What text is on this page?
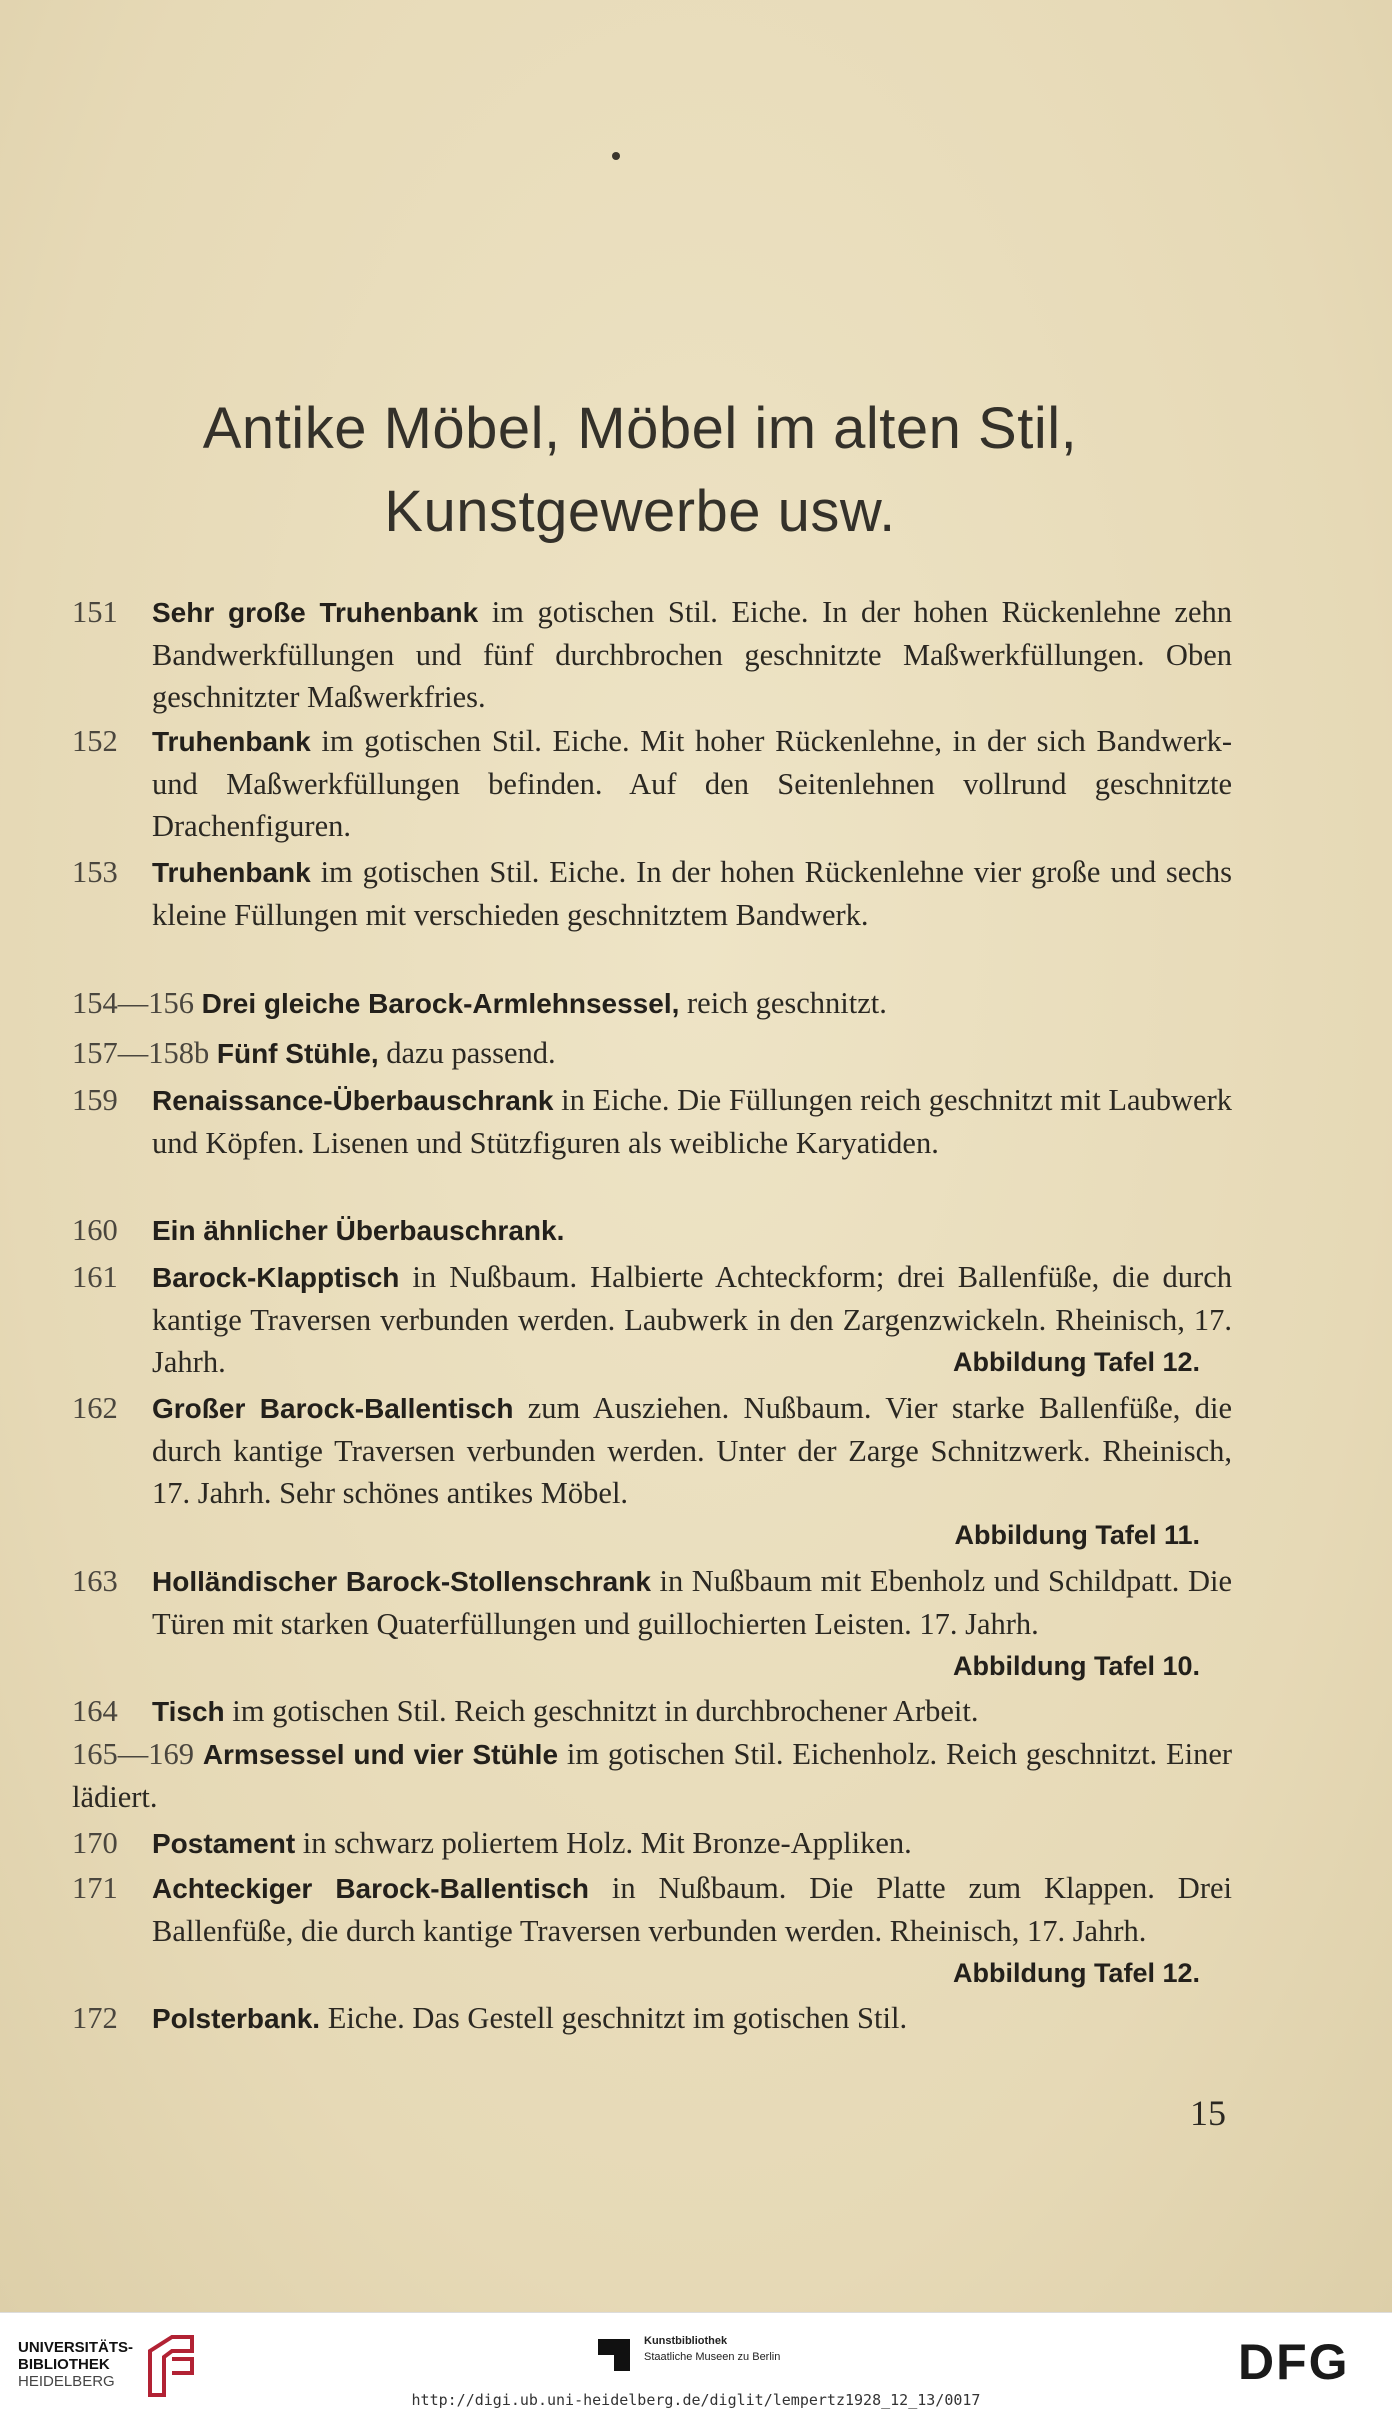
Antike Möbel, Möbel im alten Stil,
Kunstgewerbe usw.
151	Sehr große Truhenbank im gotischen Stil. Eiche. In der hohen Rückenlehne zehn Bandwerkfüllungen und fünf durchbrochen geschnitzte Maßwerkfüllungen. Oben geschnitzter Maßwerkfries.
152	Truhenbank im gotischen Stil. Eiche. Mit hoher Rückenlehne, in der sich Bandwerk- und Maßwerkfüllungen befinden. Auf den Seitenlehnen vollrund geschnitzte Drachenfiguren.
153	Truhenbank im gotischen Stil. Eiche. In der hohen Rückenlehne vier große und sechs kleine Füllungen mit verschieden geschnitztem Bandwerk.
154—156 Drei gleiche Barock-Armlehnsessel, reich geschnitzt.
157—158b Fünf Stühle, dazu passend.
159	Renaissance-Überbauschrank in Eiche. Die Füllungen reich geschnitzt mit Laubwerk und Köpfen. Lisenen und Stützfiguren als weibliche Karyatiden.
160	Ein ähnlicher Überbauschrank.
161	Barock-Klapptisch in Nußbaum. Halbierte Achteckform; drei Ballenfüße, die durch kantige Traversen verbunden werden. Laubwerk in den Zargenzwickeln. Rheinisch, 17. Jahrh.	Abbildung Tafel 12.
162	Großer Barock-Ballentisch zum Ausziehen. Nußbaum. Vier starke Ballenfüße, die durch kantige Traversen verbunden werden. Unter der Zarge Schnitzwerk. Rheinisch, 17. Jahrh. Sehr schönes antikes Möbel.
Abbildung Tafel 11.
163	Holländischer Barock-Stollenschrank in Nußbaum mit Ebenholz und Schildpatt. Die Türen mit starken Quaterfüllungen und guillochierten Leisten. 17. Jahrh.
Abbildung Tafel 10.
164	Tisch im gotischen Stil. Reich geschnitzt in durchbrochener Arbeit.
165—169 Armsessel und vier Stühle im gotischen Stil. Eichenholz. Reich geschnitzt. Einer lädiert.
170	Postament in schwarz poliertem Holz. Mit Bronze-Appliken.
171	Achteckiger Barock-Ballentisch in Nußbaum. Die Platte zum Klappen. Drei Ballenfüße, die durch kantige Traversen verbunden werden. Rheinisch, 17. Jahrh.
Abbildung Tafel 12.
172	Polsterbank. Eiche. Das Gestell geschnitzt im gotischen Stil.
15
UNIVERSITÄTS-
BIBLIOTHEK
HEIDELBERG
Kunstbibliothek
Staatliche Museen zu Berlin	DFG
http://digi.ub.uni-heidelberg.de/diglit/lempertz1928_12_13/0017
